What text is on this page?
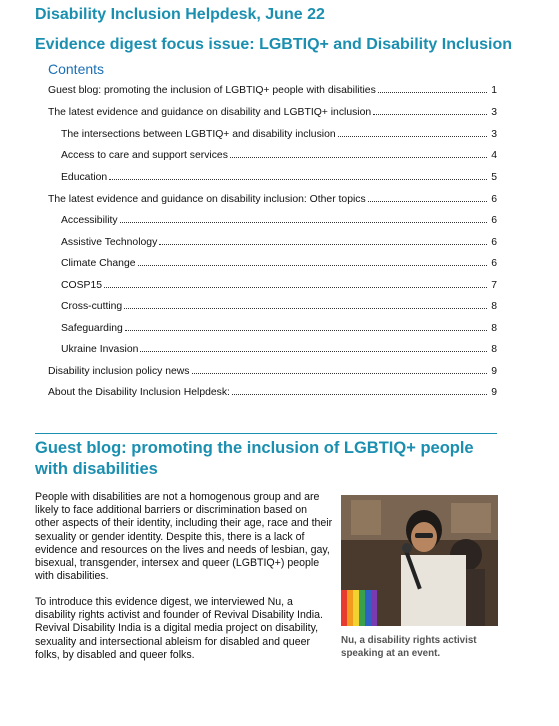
Disability Inclusion Helpdesk, June 22
Evidence digest focus issue: LGBTIQ+ and Disability Inclusion
Contents
Guest blog: promoting the inclusion of LGBTIQ+ people with disabilities	1
The latest evidence and guidance on disability and LGBTIQ+ inclusion	3
The intersections between LGBTIQ+ and disability inclusion	3
Access to care and support services	4
Education	5
The latest evidence and guidance on disability inclusion: Other topics	6
Accessibility	6
Assistive Technology	6
Climate Change	6
COSP15	7
Cross-cutting	8
Safeguarding	8
Ukraine Invasion	8
Disability inclusion policy news	9
About the Disability Inclusion Helpdesk:	9
Guest blog: promoting the inclusion of LGBTIQ+ people with disabilities
People with disabilities are not a homogenous group and are likely to face additional barriers or discrimination based on other aspects of their identity, including their age, race and their sexuality or gender identity. Despite this, there is a lack of evidence and resources on the lives and needs of lesbian, gay, bisexual, transgender, intersex and queer (LGBTIQ+) people with disabilities.
To introduce this evidence digest, we interviewed Nu, a disability rights activist and founder of Revival Disability India. Revival Disability India is a digital media project on disability, sexuality and intersectional ableism for disabled and queer folks, by disabled and queer folks.
Nu, a disability rights activist speaking at an event.
